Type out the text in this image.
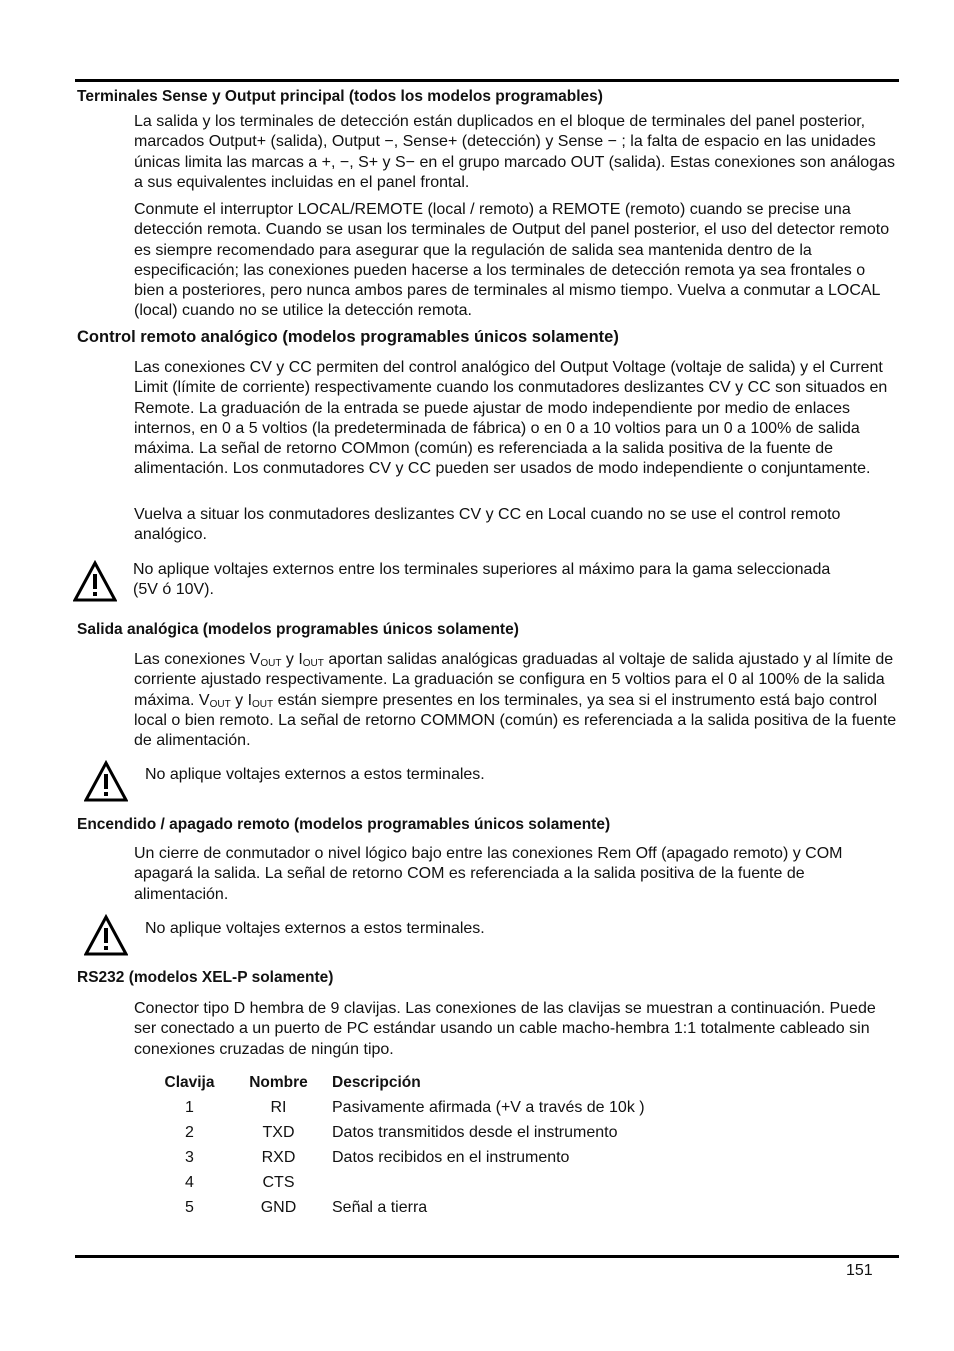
Terminales Sense y Output principal (todos los modelos programables)
La salida y los terminales de detección están duplicados en el bloque de terminales del panel posterior, marcados Output+ (salida), Output −, Sense+ (detección) y Sense − ; la falta de espacio en las unidades únicas limita las marcas a +, −, S+ y S− en el grupo marcado OUT (salida). Estas conexiones son análogas a sus equivalentes incluidas en el panel frontal.
Conmute el interruptor LOCAL/REMOTE (local / remoto) a REMOTE (remoto) cuando se precise una detección remota. Cuando se usan los terminales de Output del panel posterior, el uso del detector remoto es siempre recomendado para asegurar que la regulación de salida sea mantenida dentro de la especificación; las conexiones pueden hacerse a los terminales de detección remota ya sea frontales o bien a posteriores, pero nunca ambos pares de terminales al mismo tiempo. Vuelva a conmutar a LOCAL (local) cuando no se utilice la detección remota.
Control remoto analógico (modelos programables únicos solamente)
Las conexiones CV y CC permiten del control analógico del Output Voltage (voltaje de salida) y el Current Limit (límite de corriente) respectivamente cuando los conmutadores deslizantes CV y CC son situados en Remote. La graduación de la entrada se puede ajustar de modo independiente por medio de enlaces internos, en 0 a 5 voltios (la predeterminada de fábrica) o en 0 a 10 voltios para un 0 a 100% de salida máxima. La señal de retorno COMmon (común) es referenciada a la salida positiva de la fuente de alimentación. Los conmutadores CV y CC pueden ser usados de modo independiente o conjuntamente.
Vuelva a situar los conmutadores deslizantes CV y CC en Local cuando no se use el control remoto analógico.
No aplique voltajes externos entre los terminales superiores al máximo para la gama seleccionada (5V ó 10V).
Salida analógica (modelos programables únicos solamente)
Las conexiones $V_{OUT}$ y $I_{OUT}$ aportan salidas analógicas graduadas al voltaje de salida ajustado y al límite de corriente ajustado respectivamente. La graduación se configura en 5 voltios para el 0 al 100% de la salida máxima. $V_{OUT}$ y $I_{OUT}$ están siempre presentes en los terminales, ya sea si el instrumento está bajo control local o bien remoto. La señal de retorno COMMON (común) es referenciada a la salida positiva de la fuente de alimentación.
No aplique voltajes externos a estos terminales.
Encendido / apagado remoto (modelos programables únicos solamente)
Un cierre de conmutador o nivel lógico bajo entre las conexiones Rem Off (apagado remoto) y COM apagará la salida. La señal de retorno COM es referenciada a la salida positiva de la fuente de alimentación.
No aplique voltajes externos a estos terminales.
RS232 (modelos XEL-P solamente)
Conector tipo D hembra de 9 clavijas. Las conexiones de las clavijas se muestran a continuación. Puede ser conectado a un puerto de PC estándar usando un cable macho-hembra 1:1 totalmente cableado sin conexiones cruzadas de ningún tipo.
Clavija	Nombre	Descripción
1	RI	Pasivamente afirmada (+V a través de 10k )
2	TXD	Datos transmitidos desde el instrumento
3	RXD	Datos recibidos en el instrumento
4	CTS	
5	GND	Señal a tierra
151
